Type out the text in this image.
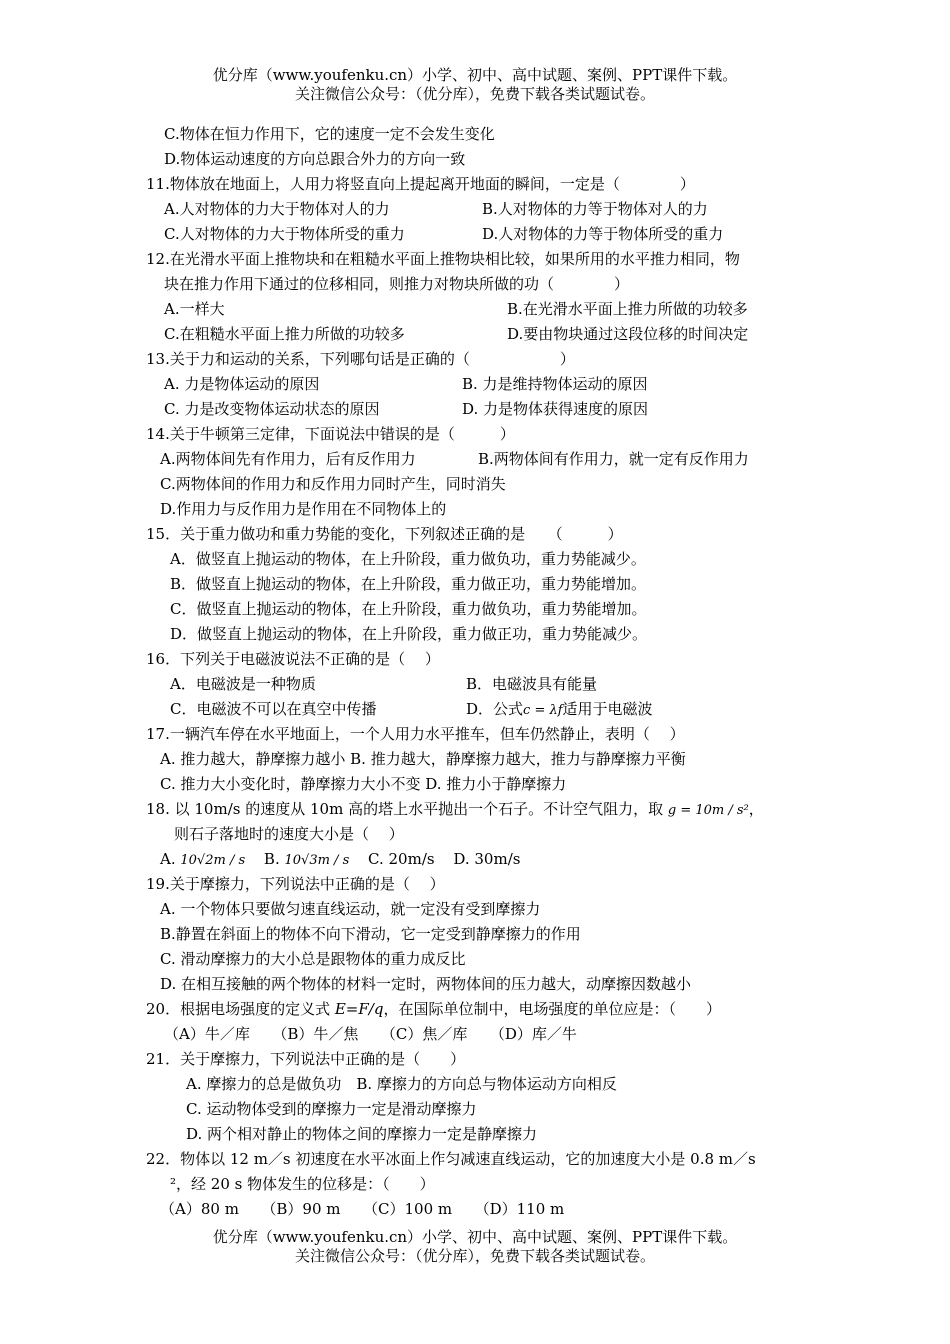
优分库（www.youfenku.cn）小学、初中、高中试题、案例、PPT课件下载。
关注微信公众号：（优分库），免费下载各类试题试卷。
C.物体在恒力作用下，它的速度一定不会发生变化
D.物体运动速度的方向总跟合外力的方向一致
11.物体放在地面上，人用力将竖直向上提起离开地面的瞬间，一定是（　　　　）
A.人对物体的力大于物体对人的力	B.人对物体的力等于物体对人的力
C.人对物体的力大于物体所受的重力	D.人对物体的力等于物体所受的重力
12.在光滑水平面上推物块和在粗糙水平面上推物块相比较，如果所用的水平推力相同，物
块在推力作用下通过的位移相同，则推力对物块所做的功（　　　　）
A.一样大	B.在光滑水平面上推力所做的功较多
C.在粗糙水平面上推力所做的功较多	D.要由物块通过这段位移的时间决定
13.关于力和运动的关系，下列哪句话是正确的（　　　　　　）
A. 力是物体运动的原因	B. 力是维持物体运动的原因
C. 力是改变物体运动状态的原因	D. 力是物体获得速度的原因
14.关于牛顿第三定律，下面说法中错误的是（　　　）
A.两物体间先有作用力，后有反作用力	B.两物体间有作用力，就一定有反作用力
C.两物体间的作用力和反作用力同时产生，同时消失
D.作用力与反作用力是作用在不同物体上的
15．关于重力做功和重力势能的变化，下列叙述正确的是　　（　　　）
A．做竖直上抛运动的物体，在上升阶段，重力做负功，重力势能减少。
B．做竖直上抛运动的物体，在上升阶段，重力做正功，重力势能增加。
C．做竖直上抛运动的物体，在上升阶段，重力做负功，重力势能增加。
D．做竖直上抛运动的物体，在上升阶段，重力做正功，重力势能减少。
16．下列关于电磁波说法不正确的是（　 ）
A．电磁波是一种物质	B．电磁波具有能量
C．电磁波不可以在真空中传播	D．公式c = λf适用于电磁波
17.一辆汽车停在水平地面上，一个人用力水平推车，但车仍然静止，表明（　 ）
A. 推力越大，静摩擦力越小 B. 推力越大，静摩擦力越大，推力与静摩擦力平衡
C. 推力大小变化时，静摩擦力大小不变 D. 推力小于静摩擦力
18. 以 10m/s 的速度从 10m 高的塔上水平抛出一个石子。不计空气阻力，取 g = 10m / s²，
则石子落地时的速度大小是（　 ）
A. 10√2m / s B. 10√3m / s C. 20m/s D. 30m/s
19.关于摩擦力，下列说法中正确的是（　 ）
A. 一个物体只要做匀速直线运动，就一定没有受到摩擦力
B.静置在斜面上的物体不向下滑动，它一定受到静摩擦力的作用
C. 滑动摩擦力的大小总是跟物体的重力成反比
D. 在相互接触的两个物体的材料一定时，两物体间的压力越大，动摩擦因数越小
20．根据电场强度的定义式 E=F/q，在国际单位制中，电场强度的单位应是：（　　）
（A）牛／库　　（B）牛／焦　　（C）焦／库　　（D）库／牛
21．关于摩擦力，下列说法中正确的是（　　）
A. 摩擦力的总是做负功　B. 摩擦力的方向总与物体运动方向相反
C. 运动物体受到的摩擦力一定是滑动摩擦力
D. 两个相对静止的物体之间的摩擦力一定是静摩擦力
22．物体以 12 m／s 初速度在水平冰面上作匀减速直线运动，它的加速度大小是 0.8 m／s
²，经 20 s 物体发生的位移是：（　　）
（A）80 m　　（B）90 m　　（C）100 m　　（D）110 m
优分库（www.youfenku.cn）小学、初中、高中试题、案例、PPT课件下载。
关注微信公众号：（优分库），免费下载各类试题试卷。
